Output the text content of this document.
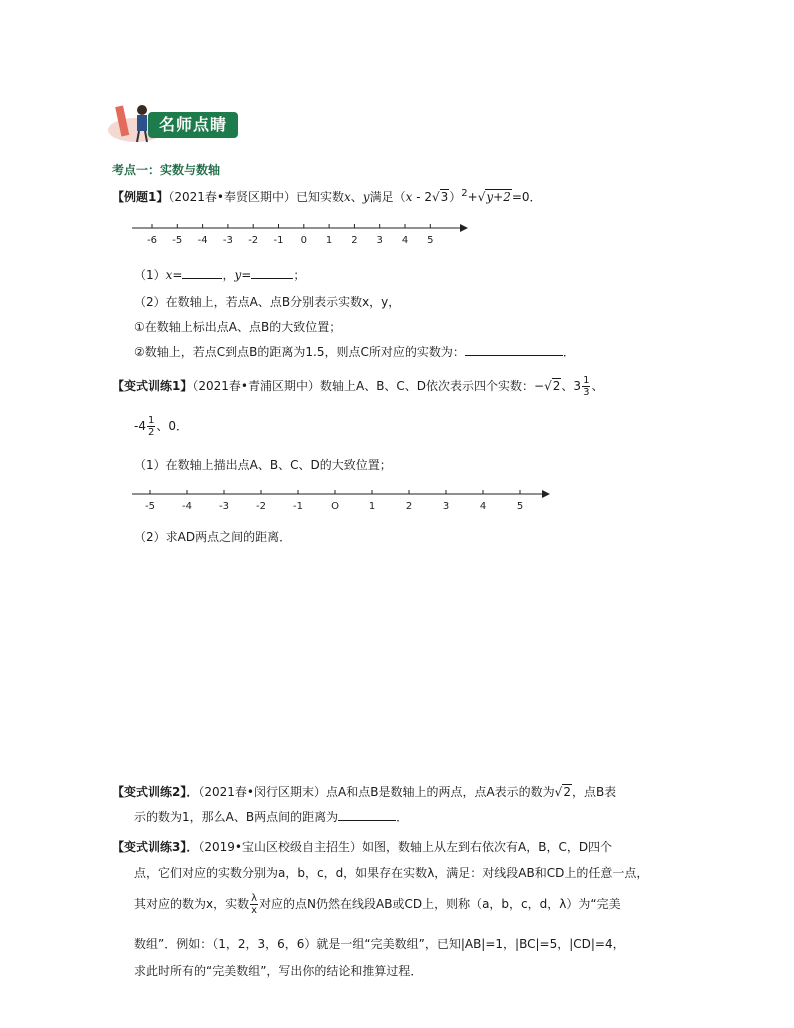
名师点睛
考点一：实数与数轴
【例题1】（2021春•奉贤区期中）已知实数x、y满足（x - 2√3）$^2$+√y+2=0．
-6 -5 -4 -3 -2 -1 0 1 2 3 4 5
（1）x=	，y=	；
（2）在数轴上，若点A、点B分别表示实数x，y，
①在数轴上标出点A、点B的大致位置；
②数轴上，若点C到点B的距离为1.5，则点C所对应的实数为：	．
【变式训练1】（2021春•青浦区期中）数轴上A、B、C、D依次表示四个实数：−√2、$3 \frac{1}{3}$ 、
$-4 \frac{1}{2}$ 、0．
（1）在数轴上描出点A、B、C、D的大致位置；
-5	-4	-3	-2	-1	O	1	2	3	4	5
（2）求AD两点之间的距离．
【变式训练2】．（2021春•闵行区期末）点A和点B是数轴上的两点，点A表示的数为√2，点B表
示的数为1，那么A、B两点间的距离为	．
【变式训练3】．（2019•宝山区校级自主招生）如图，数轴上从左到右依次有A，B，C，D四个
点，它们对应的实数分别为a，b，c，d，如果存在实数λ，满足：对线段AB和CD上的任意一点，
其对应的数为x，实数 $\frac{\lambda}{x}$ 对应的点N仍然在线段AB或CD上，则称（a，b，c，d，λ）为“完美
数组”．例如：（1，2，3，6，6）就是一组“完美数组”，已知|AB|=1，|BC|=5，|CD|=4，
求此时所有的“完美数组”，写出你的结论和推算过程．
